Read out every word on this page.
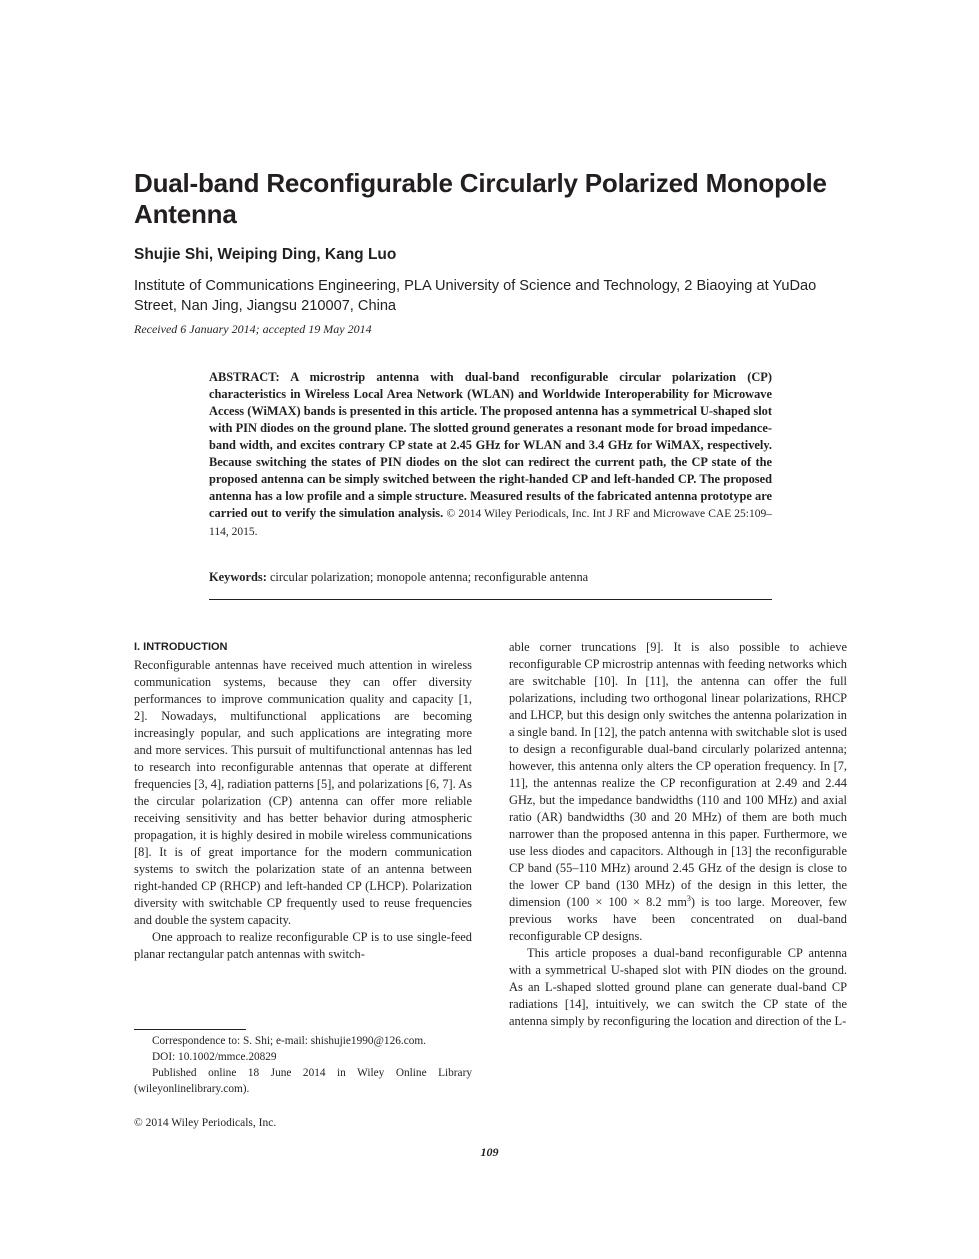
Dual-band Reconfigurable Circularly Polarized Monopole Antenna
Shujie Shi, Weiping Ding, Kang Luo
Institute of Communications Engineering, PLA University of Science and Technology, 2 Biaoying at YuDao Street, Nan Jing, Jiangsu 210007, China
Received 6 January 2014; accepted 19 May 2014
ABSTRACT: A microstrip antenna with dual-band reconfigurable circular polarization (CP) characteristics in Wireless Local Area Network (WLAN) and Worldwide Interoperability for Microwave Access (WiMAX) bands is presented in this article. The proposed antenna has a symmetrical U-shaped slot with PIN diodes on the ground plane. The slotted ground generates a resonant mode for broad impedance-band width, and excites contrary CP state at 2.45 GHz for WLAN and 3.4 GHz for WiMAX, respectively. Because switching the states of PIN diodes on the slot can redirect the current path, the CP state of the proposed antenna can be simply switched between the right-handed CP and left-handed CP. The proposed antenna has a low profile and a simple structure. Measured results of the fabricated antenna prototype are carried out to verify the simulation analysis. © 2014 Wiley Periodicals, Inc. Int J RF and Microwave CAE 25:109–114, 2015.
Keywords: circular polarization; monopole antenna; reconfigurable antenna
I. INTRODUCTION

Reconfigurable antennas have received much attention in wireless communication systems, because they can offer diversity performances to improve communication quality and capacity [1, 2]. Nowadays, multifunctional applications are becoming increasingly popular, and such applications are integrating more and more services. This pursuit of multifunctional antennas has led to research into reconfigurable antennas that operate at different frequencies [3, 4], radiation patterns [5], and polarizations [6, 7]. As the circular polarization (CP) antenna can offer more reliable receiving sensitivity and has better behavior during atmospheric propagation, it is highly desired in mobile wireless communications [8]. It is of great importance for the modern communication systems to switch the polarization state of an antenna between right-handed CP (RHCP) and left-handed CP (LHCP). Polarization diversity with switchable CP frequently used to reuse frequencies and double the system capacity.

One approach to realize reconfigurable CP is to use single-feed planar rectangular patch antennas with switch-

able corner truncations [9]. It is also possible to achieve reconfigurable CP microstrip antennas with feeding networks which are switchable [10]. In [11], the antenna can offer the full polarizations, including two orthogonal linear polarizations, RHCP and LHCP, but this design only switches the antenna polarization in a single band. In [12], the patch antenna with switchable slot is used to design a reconfigurable dual-band circularly polarized antenna; however, this antenna only alters the CP operation frequency. In [7, 11], the antennas realize the CP reconfiguration at 2.49 and 2.44 GHz, but the impedance bandwidths (110 and 100 MHz) and axial ratio (AR) bandwidths (30 and 20 MHz) of them are both much narrower than the proposed antenna in this paper. Furthermore, we use less diodes and capacitors. Although in [13] the reconfigurable CP band (55–110 MHz) around 2.45 GHz of the design is close to the lower CP band (130 MHz) of the design in this letter, the dimension (100 × 100 × 8.2 $mm^3$) is too large. Moreover, few previous works have been concentrated on dual-band reconfigurable CP designs.

This article proposes a dual-band reconfigurable CP antenna with a symmetrical U-shaped slot with PIN diodes on the ground. As an L-shaped slotted ground plane can generate dual-band CP radiations [14], intuitively, we can switch the CP state of the antenna simply by reconfiguring the location and direction of the L-

Correspondence to: S. Shi; e-mail: shishujie1990@126.com.

DOI: 10.1002/mmce.20829

Published online 18 June 2014 in Wiley Online Library (wileyonlinelibrary.com).

© 2014 Wiley Periodicals, Inc.
109
